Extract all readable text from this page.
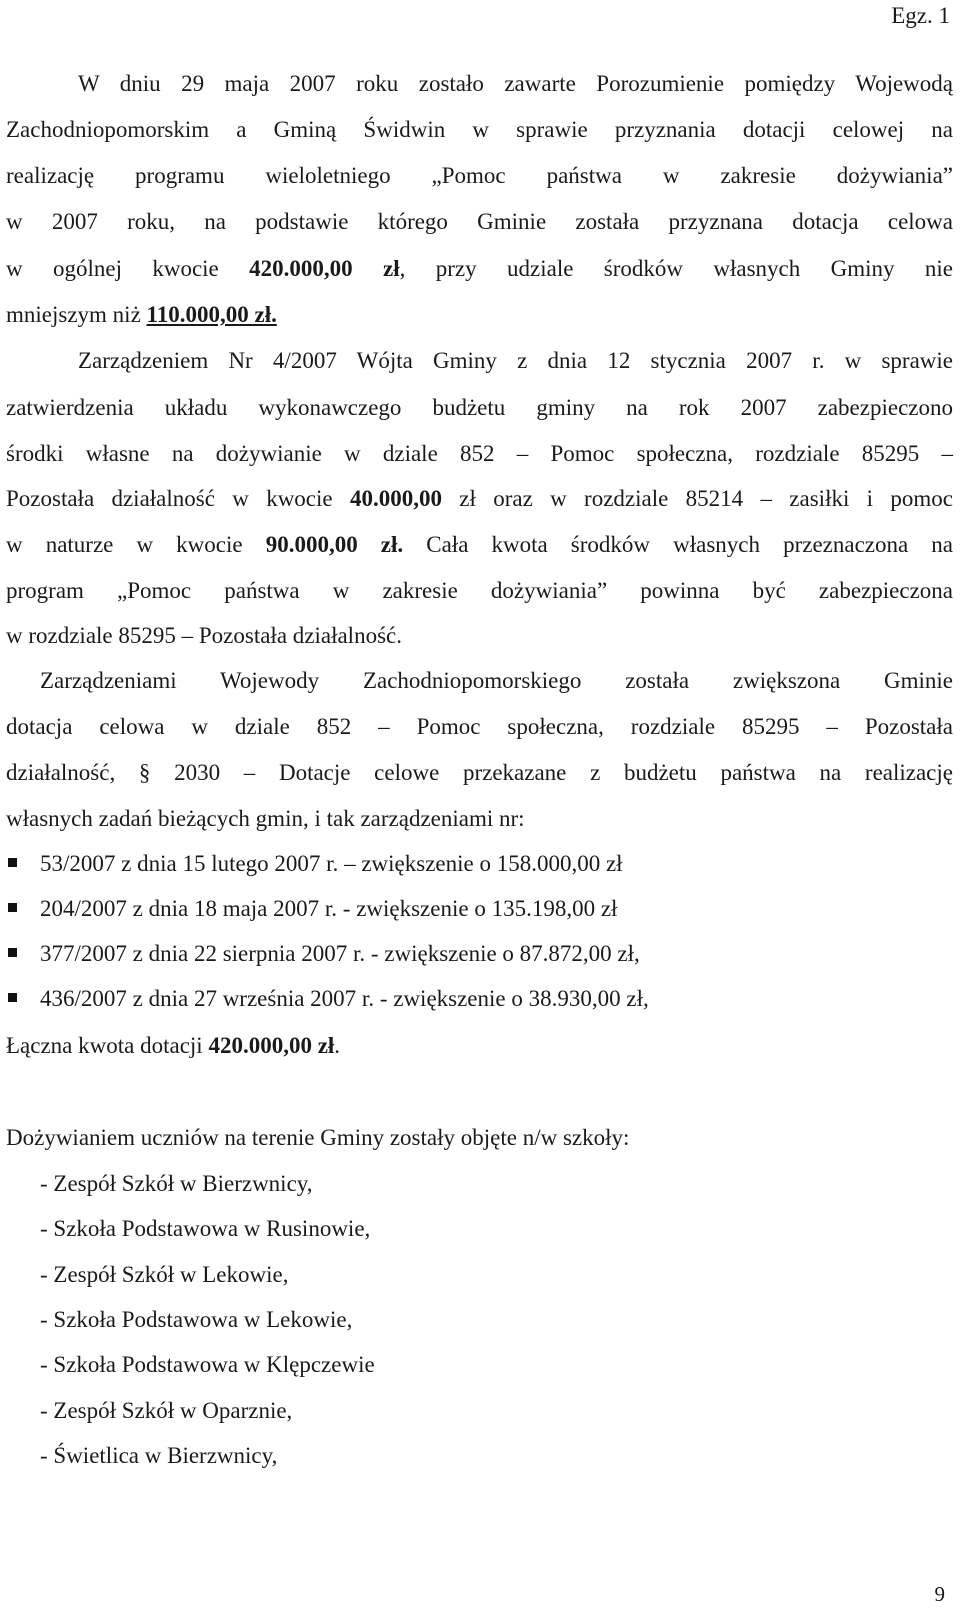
Egz. 1
W dniu 29 maja 2007 roku zostało zawarte Porozumienie pomiędzy Wojewodą
Zachodniopomorskim a Gminą Świdwin w sprawie przyznania dotacji celowej na
realizację programu wieloletniego „Pomoc państwa w zakresie dożywiania”
w 2007 roku, na podstawie którego Gminie została przyznana dotacja celowa
w ogólnej kwocie 420.000,00 zł, przy udziale środków własnych Gminy nie
mniejszym niż 110.000,00 zł.
Zarządzeniem Nr 4/2007 Wójta Gminy z dnia 12 stycznia 2007 r. w sprawie
zatwierdzenia układu wykonawczego budżetu gminy na rok 2007 zabezpieczono
środki własne na dożywianie w dziale 852 – Pomoc społeczna, rozdziale 85295 –
Pozostała działalność w kwocie 40.000,00 zł oraz w rozdziale 85214 – zasiłki i pomoc
w naturze w kwocie 90.000,00 zł. Cała kwota środków własnych przeznaczona na
program „Pomoc państwa w zakresie dożywiania” powinna być zabezpieczona
w rozdziale 85295 – Pozostała działalność.
Zarządzeniami Wojewody Zachodniopomorskiego została zwiększona Gminie
dotacja celowa w dziale 852 – Pomoc społeczna, rozdziale 85295 – Pozostała
działalność, § 2030 – Dotacje celowe przekazane z budżetu państwa na realizację
własnych zadań bieżących gmin, i tak zarządzeniami nr:
53/2007 z dnia 15 lutego 2007 r. – zwiększenie o 158.000,00 zł
204/2007 z dnia 18 maja 2007 r. - zwiększenie o 135.198,00 zł
377/2007 z dnia 22 sierpnia 2007 r. - zwiększenie o 87.872,00 zł,
436/2007 z dnia 27 września 2007 r. - zwiększenie o 38.930,00 zł,
Łączna kwota dotacji 420.000,00 zł.
Dożywianiem uczniów na terenie Gminy zostały objęte n/w szkoły:
- Zespół Szkół w Bierzwnicy,
- Szkoła Podstawowa w Rusinowie,
- Zespół Szkół w Lekowie,
- Szkoła Podstawowa w Lekowie,
- Szkoła Podstawowa w Klępczewie
- Zespół Szkół w Oparznie,
- Świetlica w Bierzwnicy,
9
